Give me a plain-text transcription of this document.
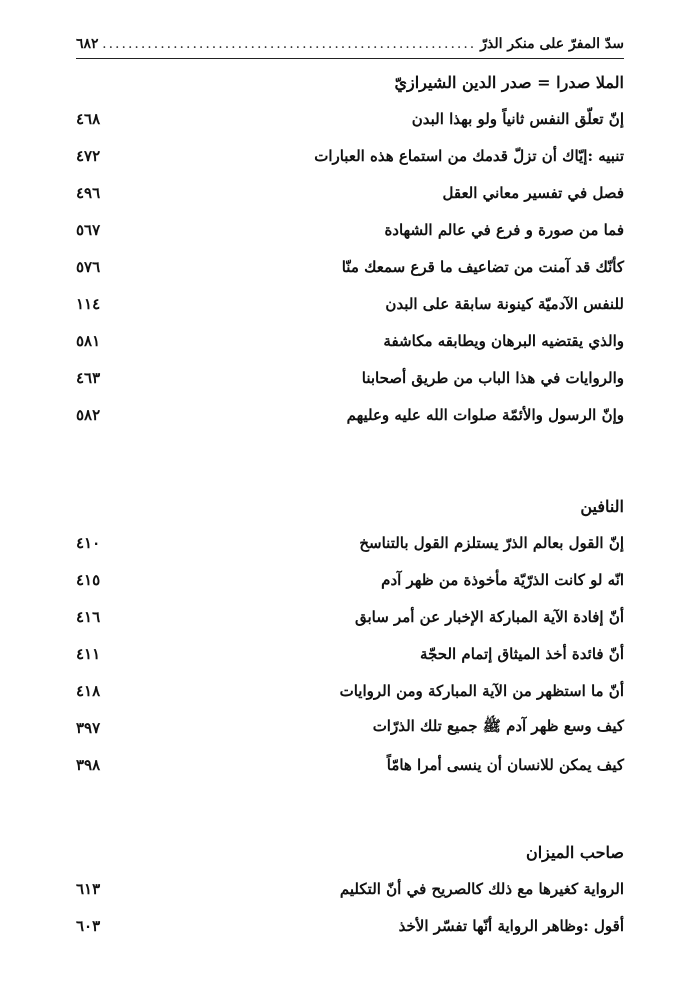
سدّ المفرّ على منكر الذرّ
.....
٦٨٢
الملا صدرا = صدر الدين الشيرازيّ
إنّ تعلّق النفس ثانياً ولو بهذا البدن
٤٦٨
تنبيه :إيّاك أن تزلّ قدمك من استماع هذه العبارات
٤٧٢
فصل في تفسير معاني العقل
٤٩٦
فما من صورة و فرع في عالم الشهادة
٥٦٧
كأنّك قد آمنت من تضاعيف ما قرع سمعك منّا
٥٧٦
للنفس الآدميّة كينونة سابقة على البدن
١١٤
والذي يقتضيه البرهان ويطابقه مكاشفة
٥٨١
والروايات في هذا الباب من طريق أصحابنا
٤٦٣
وإنّ الرسول والأئمّة صلوات الله عليه وعليهم
٥٨٢
النافين
إنّ القول بعالم الذرّ يستلزم القول بالتناسخ
٤١٠
انّه لو كانت الذرّيّة مأخوذة من ظهر آدم
٤١٥
أنّ إفادة الآية المباركة الإخبار عن أمر سابق
٤١٦
أنّ فائدة أخذ الميثاق إتمام الحجّة
٤١١
أنّ ما استظهر من الآية المباركة ومن الروايات
٤١٨
كيف وسع ظهر آدم ﷺ جميع تلك الذرّات
٣٩٧
كيف يمكن للانسان أن ينسى أمرا هامّاً
٣٩٨
صاحب الميزان
الرواية كغيرها مع ذلك كالصريح في أنّ التكليم
٦١٣
أقول :وظاهر الرواية أنّها تفسّر الأخذ
٦٠٣
